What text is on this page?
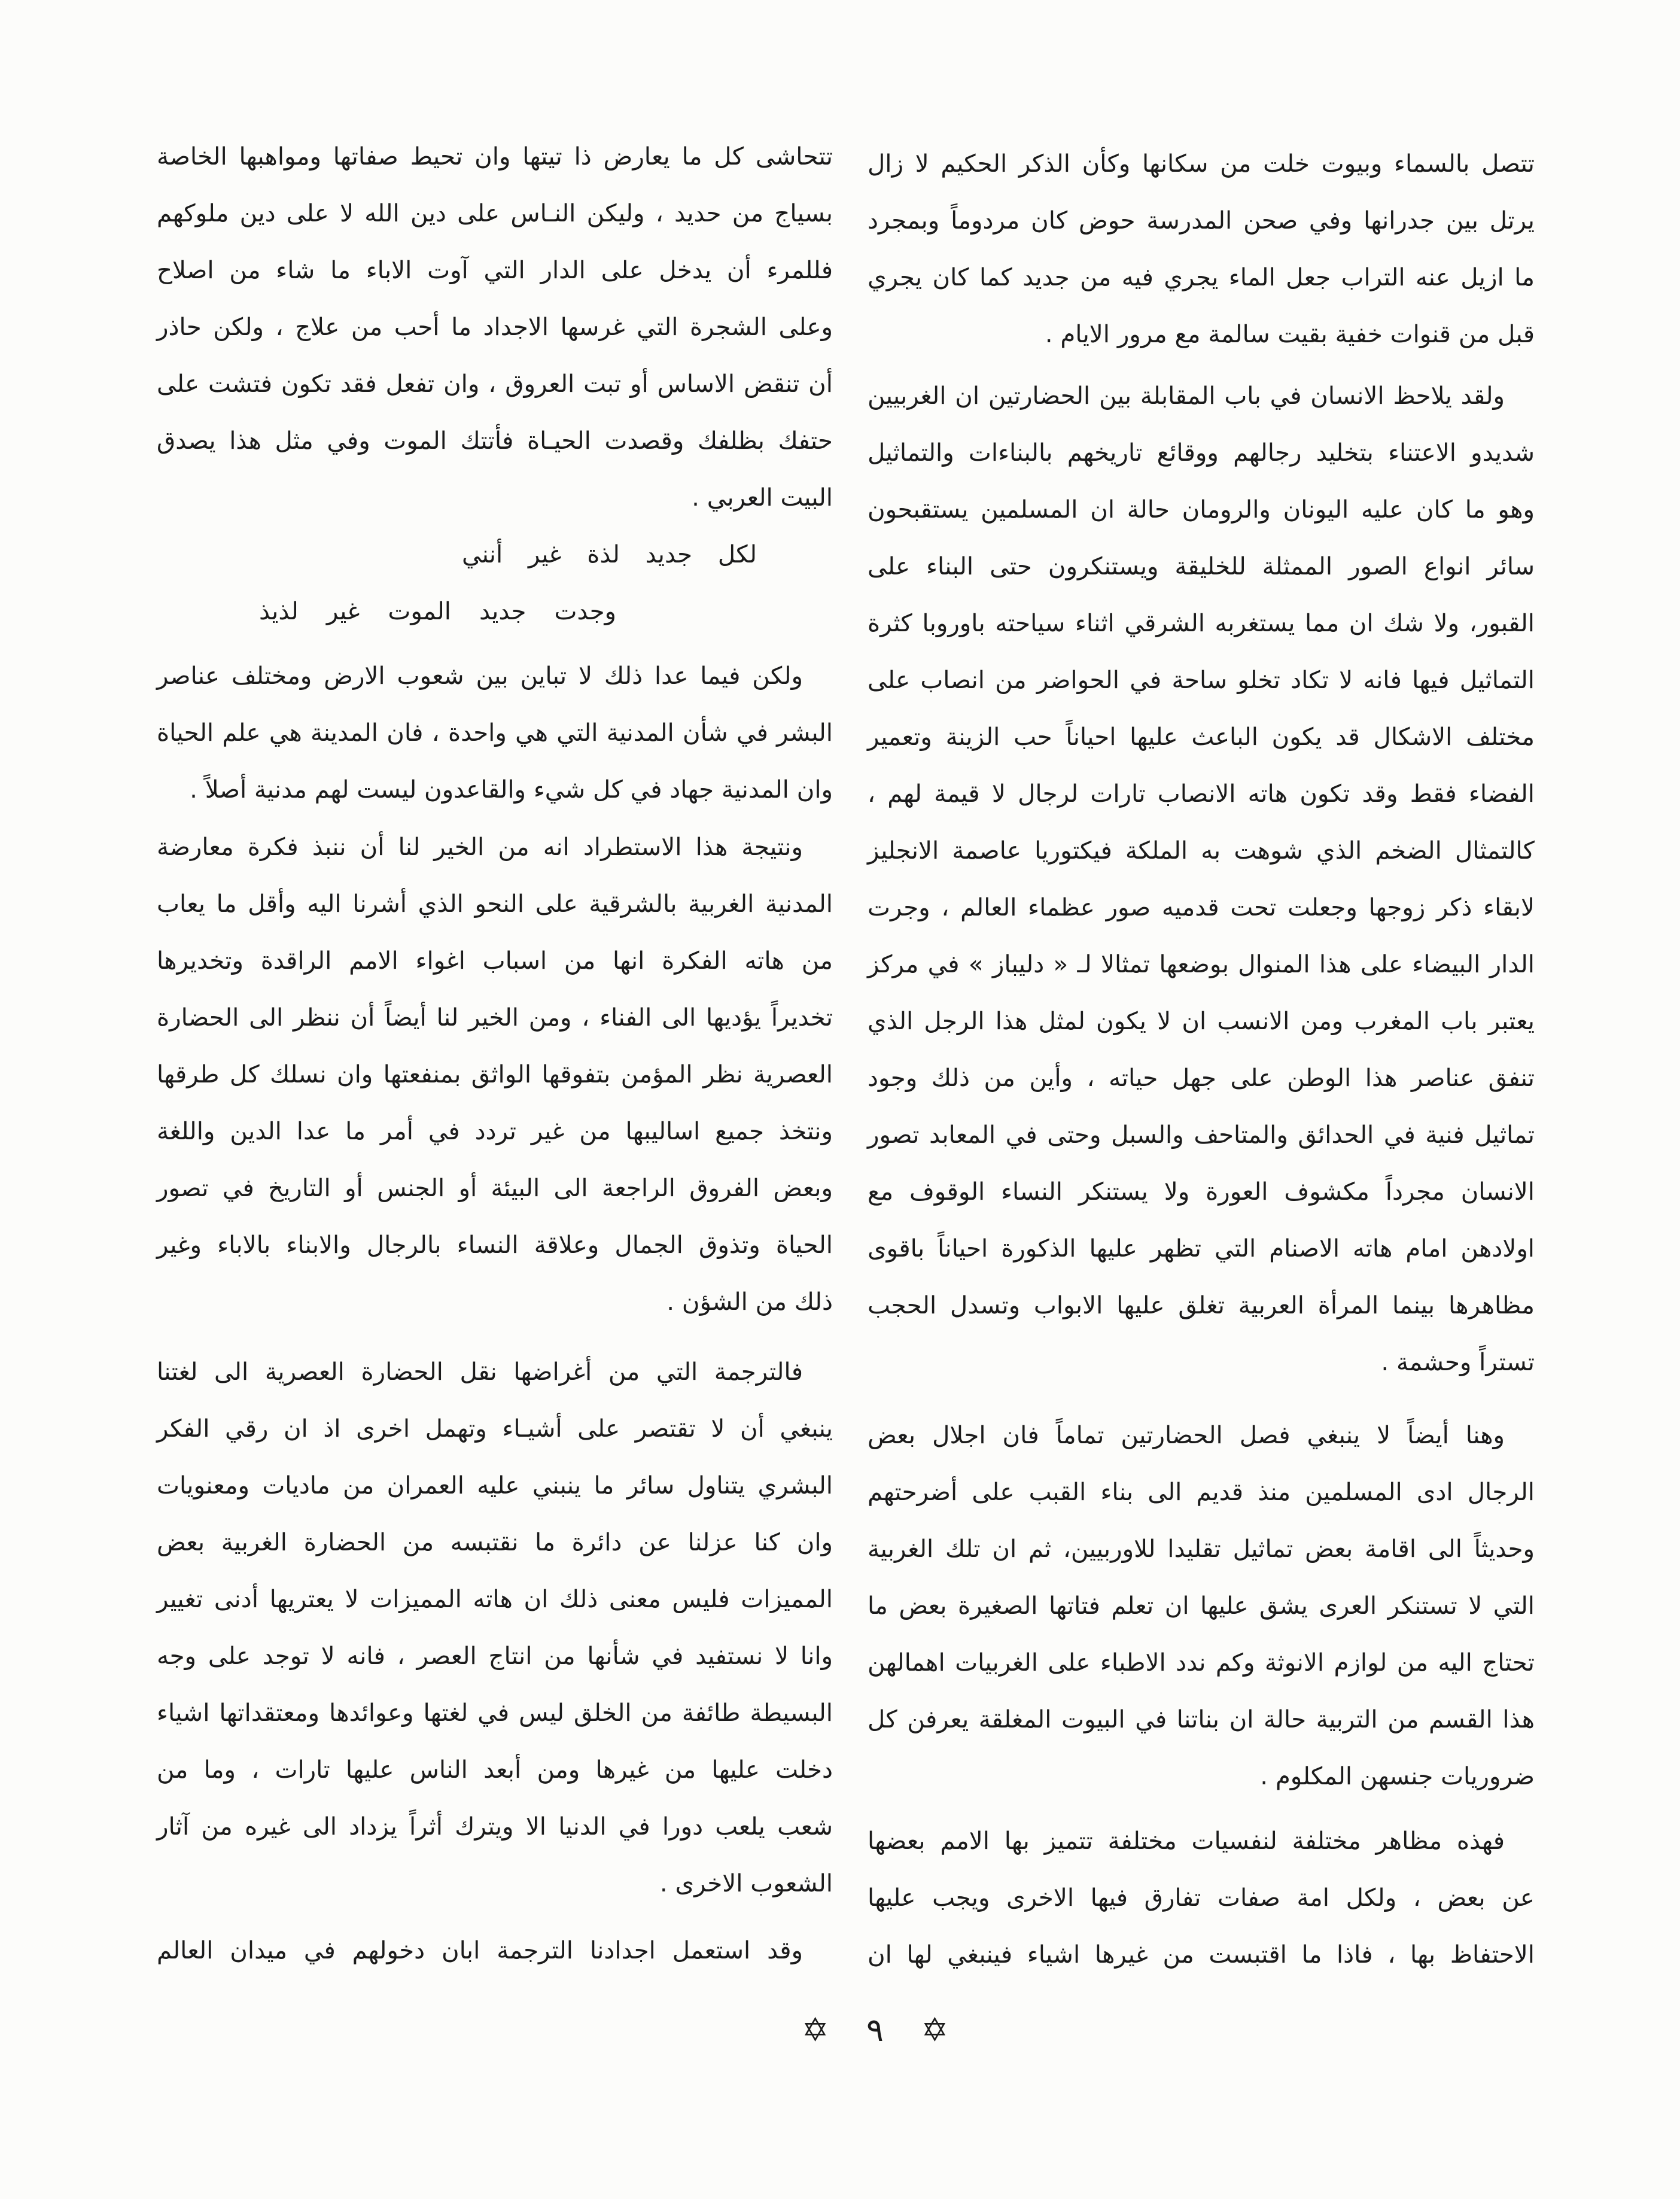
تتصل بالسماء وبيوت خلت من سكانها وكأن الذكر الحكيم لا زال
يرتل بين جدرانها وفي صحن المدرسة حوض كان مردوماً وبمجرد
ما ازيل عنه التراب جعل الماء يجري فيه من جديد كما كان يجري
قبل من قنوات خفية بقيت سالمة مع مرور الايام .
ولقد يلاحظ الانسان في باب المقابلة بين الحضارتين ان الغربيين
شديدو الاعتناء بتخليد رجالهم ووقائع تاريخهم بالبناءات والتماثيل
وهو ما كان عليه اليونان والرومان حالة ان المسلمين يستقبحون
سائر انواع الصور الممثلة للخليقة ويستنكرون حتى البناء على
القبور، ولا شك ان مما يستغربه الشرقي اثناء سياحته باوروبا كثرة
التماثيل فيها فانه لا تكاد تخلو ساحة في الحواضر من انصاب على
مختلف الاشكال قد يكون الباعث عليها احياناً حب الزينة وتعمير
الفضاء فقط وقد تكون هاته الانصاب تارات لرجال لا قيمة لهم ،
كالتمثال الضخم الذي شوهت به الملكة فيكتوريا عاصمة الانجليز
لابقاء ذكر زوجها وجعلت تحت قدميه صور عظماء العالم ، وجرت
الدار البيضاء على هذا المنوال بوضعها تمثالا لـ « دليباز » في مركز
يعتبر باب المغرب ومن الانسب ان لا يكون لمثل هذا الرجل الذي
تنفق عناصر هذا الوطن على جهل حياته ، وأين من ذلك وجود
تماثيل فنية في الحدائق والمتاحف والسبل وحتى في المعابد تصور
الانسان مجرداً مكشوف العورة ولا يستنكر النساء الوقوف مع
اولادهن امام هاته الاصنام التي تظهر عليها الذكورة احياناً باقوى
مظاهرها بينما المرأة العربية تغلق عليها الابواب وتسدل الحجب
تستراً وحشمة .
وهنا أيضاً لا ينبغي فصل الحضارتين تماماً فان اجلال بعض
الرجال ادى المسلمين منذ قديم الى بناء القبب على أضرحتهم
وحديثاً الى اقامة بعض تماثيل تقليدا للاوربيين، ثم ان تلك الغربية
التي لا تستنكر العرى يشق عليها ان تعلم فتاتها الصغيرة بعض ما
تحتاج اليه من لوازم الانوثة وكم ندد الاطباء على الغربيات اهمالهن
هذا القسم من التربية حالة ان بناتنا في البيوت المغلقة يعرفن كل
ضروريات جنسهن المكلوم .
فهذه مظاهر مختلفة لنفسيات مختلفة تتميز بها الامم بعضها
عن بعض ، ولكل امة صفات تفارق فيها الاخرى ويجب عليها
الاحتفاظ بها ، فاذا ما اقتبست من غيرها اشياء فينبغي لها ان
تتحاشى كل ما يعارض ذا تيتها وان تحيط صفاتها ومواهبها الخاصة
بسياج من حديد ، وليكن النـاس على دين الله لا على دين ملوكهم
فللمرء أن يدخل على الدار التي آوت الاباء ما شاء من اصلاح
وعلى الشجرة التي غرسها الاجداد ما أحب من علاج ، ولكن حاذر
أن تنقض الاساس أو تبت العروق ، وان تفعل فقد تكون فتشت على
حتفك بظلفك وقصدت الحيـاة فأتتك الموت وفي مثل هذا يصدق
البيت العربي .
لكل جديد لذة غير أنني
وجدت جديد الموت غير لذيذ
ولكن فيما عدا ذلك لا تباين بين شعوب الارض ومختلف عناصر
البشر في شأن المدنية التي هي واحدة ، فان المدينة هي علم الحياة
وان المدنية جهاد في كل شيء والقاعدون ليست لهم مدنية أصلاً .
ونتيجة هذا الاستطراد انه من الخير لنا أن ننبذ فكرة معارضة
المدنية الغربية بالشرقية على النحو الذي أشرنا اليه وأقل ما يعاب
من هاته الفكرة انها من اسباب اغواء الامم الراقدة وتخديرها
تخديراً يؤديها الى الفناء ، ومن الخير لنا أيضاً أن ننظر الى الحضارة
العصرية نظر المؤمن بتفوقها الواثق بمنفعتها وان نسلك كل طرقها
ونتخذ جميع اساليبها من غير تردد في أمر ما عدا الدين واللغة
وبعض الفروق الراجعة الى البيئة أو الجنس أو التاريخ في تصور
الحياة وتذوق الجمال وعلاقة النساء بالرجال والابناء بالاباء وغير
ذلك من الشؤن .
فالترجمة التي من أغراضها نقل الحضارة العصرية الى لغتنا
ينبغي أن لا تقتصر على أشيـاء وتهمل اخرى اذ ان رقي الفكر
البشري يتناول سائر ما ينبني عليه العمران من ماديات ومعنويات
وان كنا عزلنا عن دائرة ما نقتبسه من الحضارة الغربية بعض
المميزات فليس معنى ذلك ان هاته المميزات لا يعتريها أدنى تغيير
وانا لا نستفيد في شأنها من انتاج العصر ، فانه لا توجد على وجه
البسيطة طائفة من الخلق ليس في لغتها وعوائدها ومعتقداتها اشياء
دخلت عليها من غيرها ومن أبعد الناس عليها تارات ، وما من
شعب يلعب دورا في الدنيا الا ويترك أثراً يزداد الى غيره من آثار
الشعوب الاخرى .
وقد استعمل اجدادنا الترجمة ابان دخولهم في ميدان العالم
✡ ٩ ✡
